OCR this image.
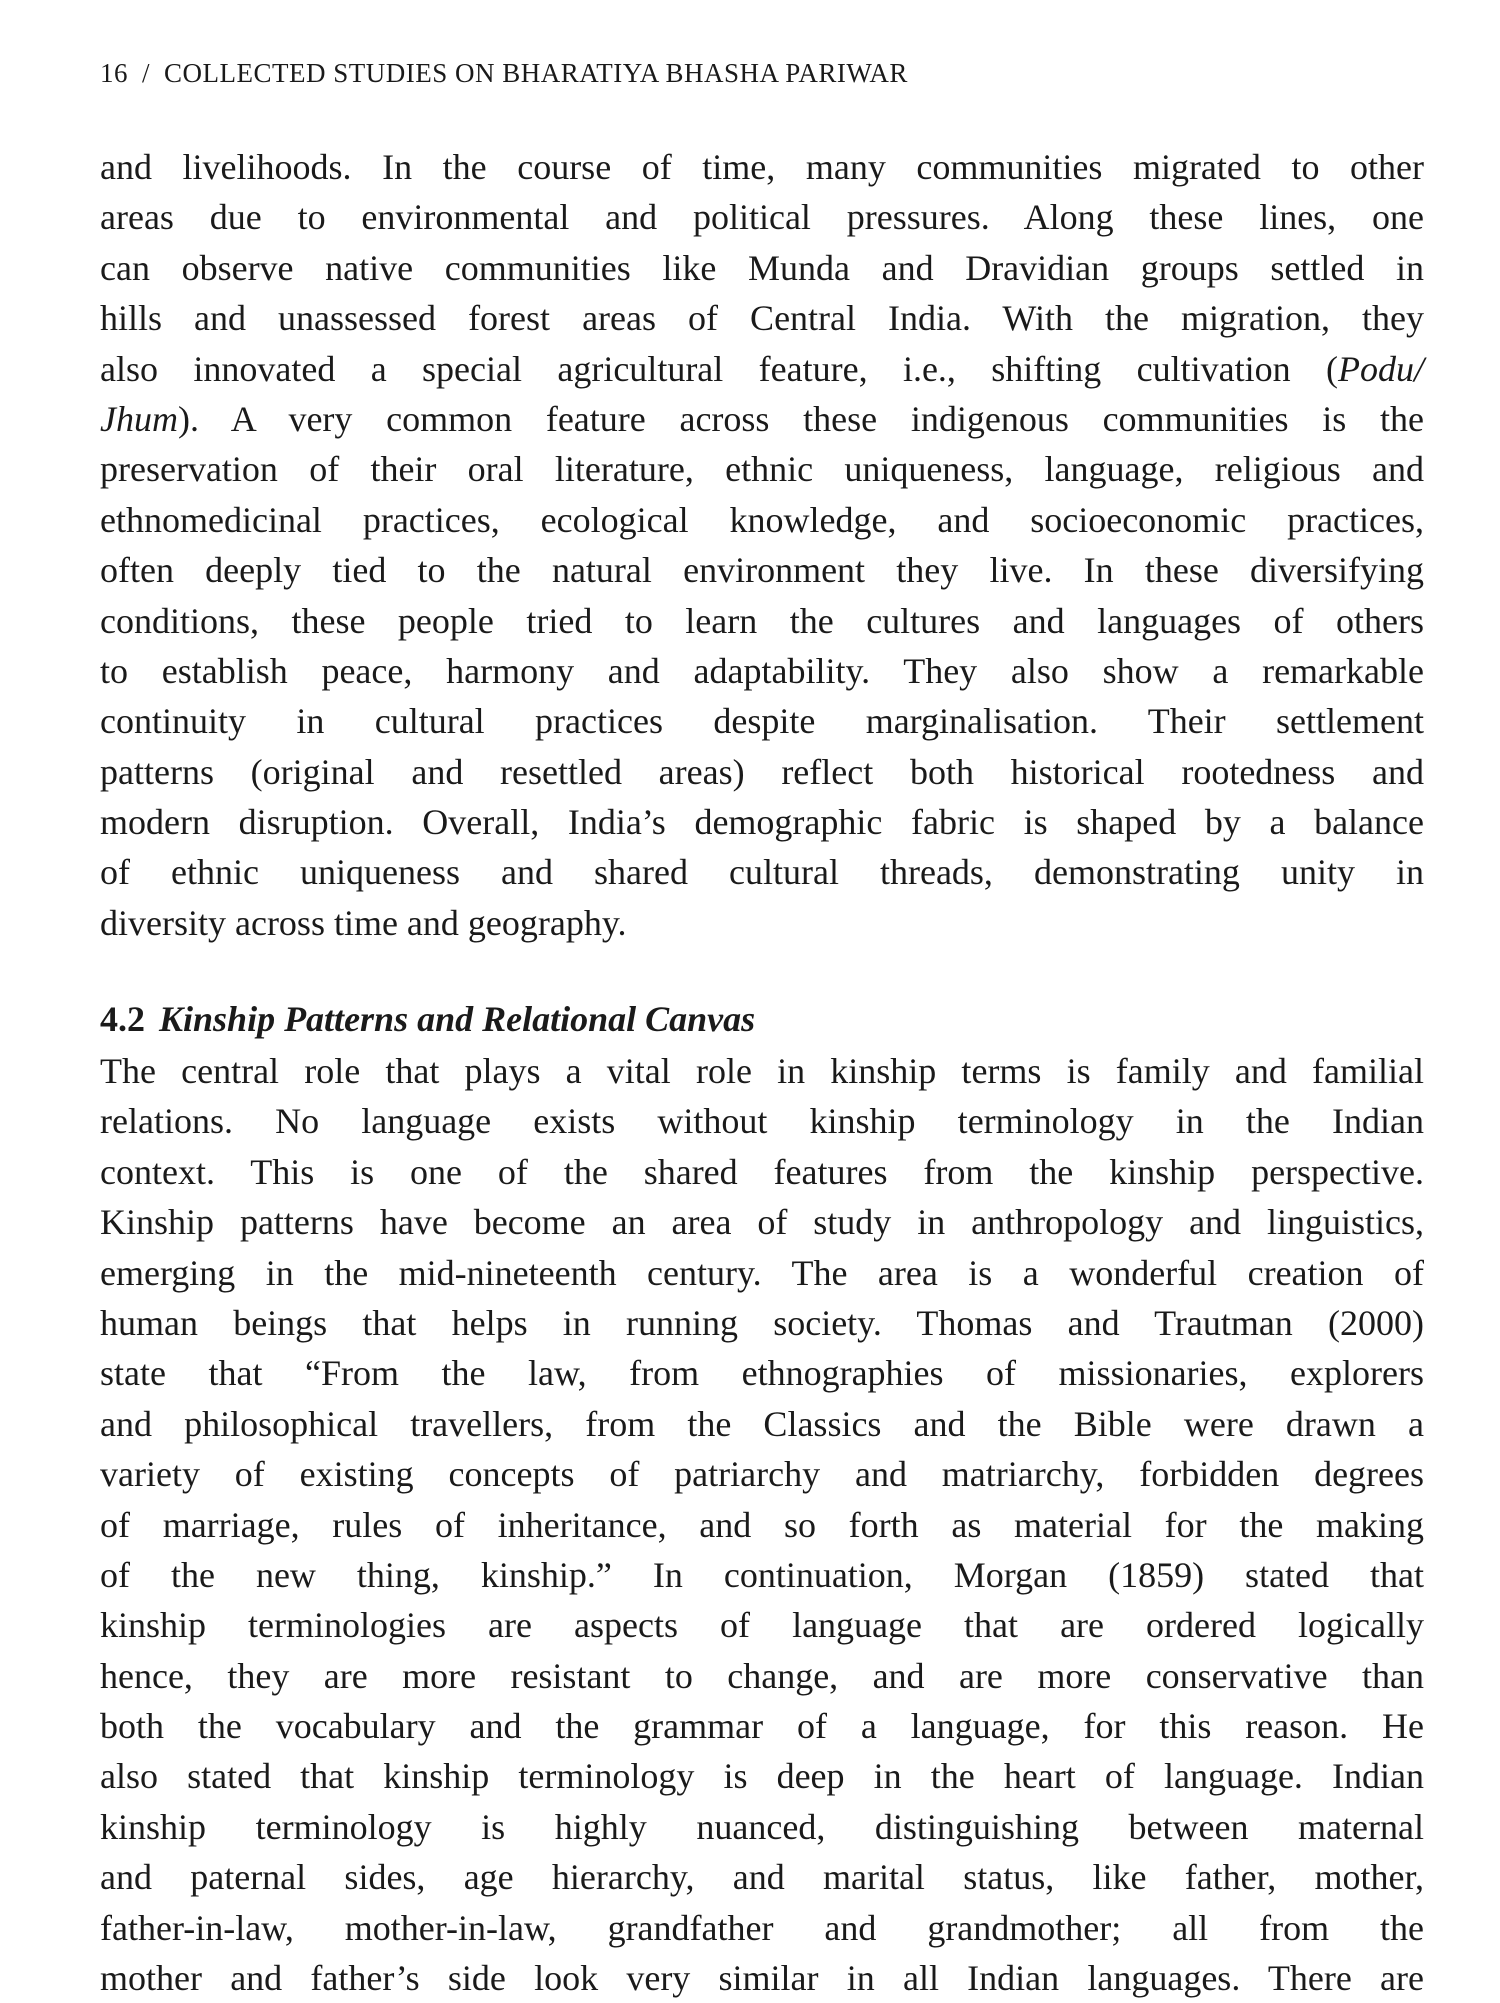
16 / COLLECTED STUDIES ON BHARATIYA BHASHA PARIWAR
and livelihoods. In the course of time, many communities migrated to other
areas due to environmental and political pressures. Along these lines, one
can observe native communities like Munda and Dravidian groups settled in
hills and unassessed forest areas of Central India. With the migration, they
also innovated a special agricultural feature, i.e., shifting cultivation (Podu/
Jhum). A very common feature across these indigenous communities is the
preservation of their oral literature, ethnic uniqueness, language, religious and
ethnomedicinal practices, ecological knowledge, and socioeconomic practices,
often deeply tied to the natural environment they live. In these diversifying
conditions, these people tried to learn the cultures and languages of others
to establish peace, harmony and adaptability. They also show a remarkable
continuity in cultural practices despite marginalisation. Their settlement
patterns (original and resettled areas) reflect both historical rootedness and
modern disruption. Overall, India’s demographic fabric is shaped by a balance
of ethnic uniqueness and shared cultural threads, demonstrating unity in
diversity across time and geography.
4.2 Kinship Patterns and Relational Canvas
The central role that plays a vital role in kinship terms is family and familial
relations. No language exists without kinship terminology in the Indian
context. This is one of the shared features from the kinship perspective.
Kinship patterns have become an area of study in anthropology and linguistics,
emerging in the mid-nineteenth century. The area is a wonderful creation of
human beings that helps in running society. Thomas and Trautman (2000)
state that “From the law, from ethnographies of missionaries, explorers
and philosophical travellers, from the Classics and the Bible were drawn a
variety of existing concepts of patriarchy and matriarchy, forbidden degrees
of marriage, rules of inheritance, and so forth as material for the making
of the new thing, kinship.” In continuation, Morgan (1859) stated that
kinship terminologies are aspects of language that are ordered logically
hence, they are more resistant to change, and are more conservative than
both the vocabulary and the grammar of a language, for this reason. He
also stated that kinship terminology is deep in the heart of language. Indian
kinship terminology is highly nuanced, distinguishing between maternal
and paternal sides, age hierarchy, and marital status, like father, mother,
father-in-law, mother-in-law, grandfather and grandmother; all from the
mother and father’s side look very similar in all Indian languages. There are
